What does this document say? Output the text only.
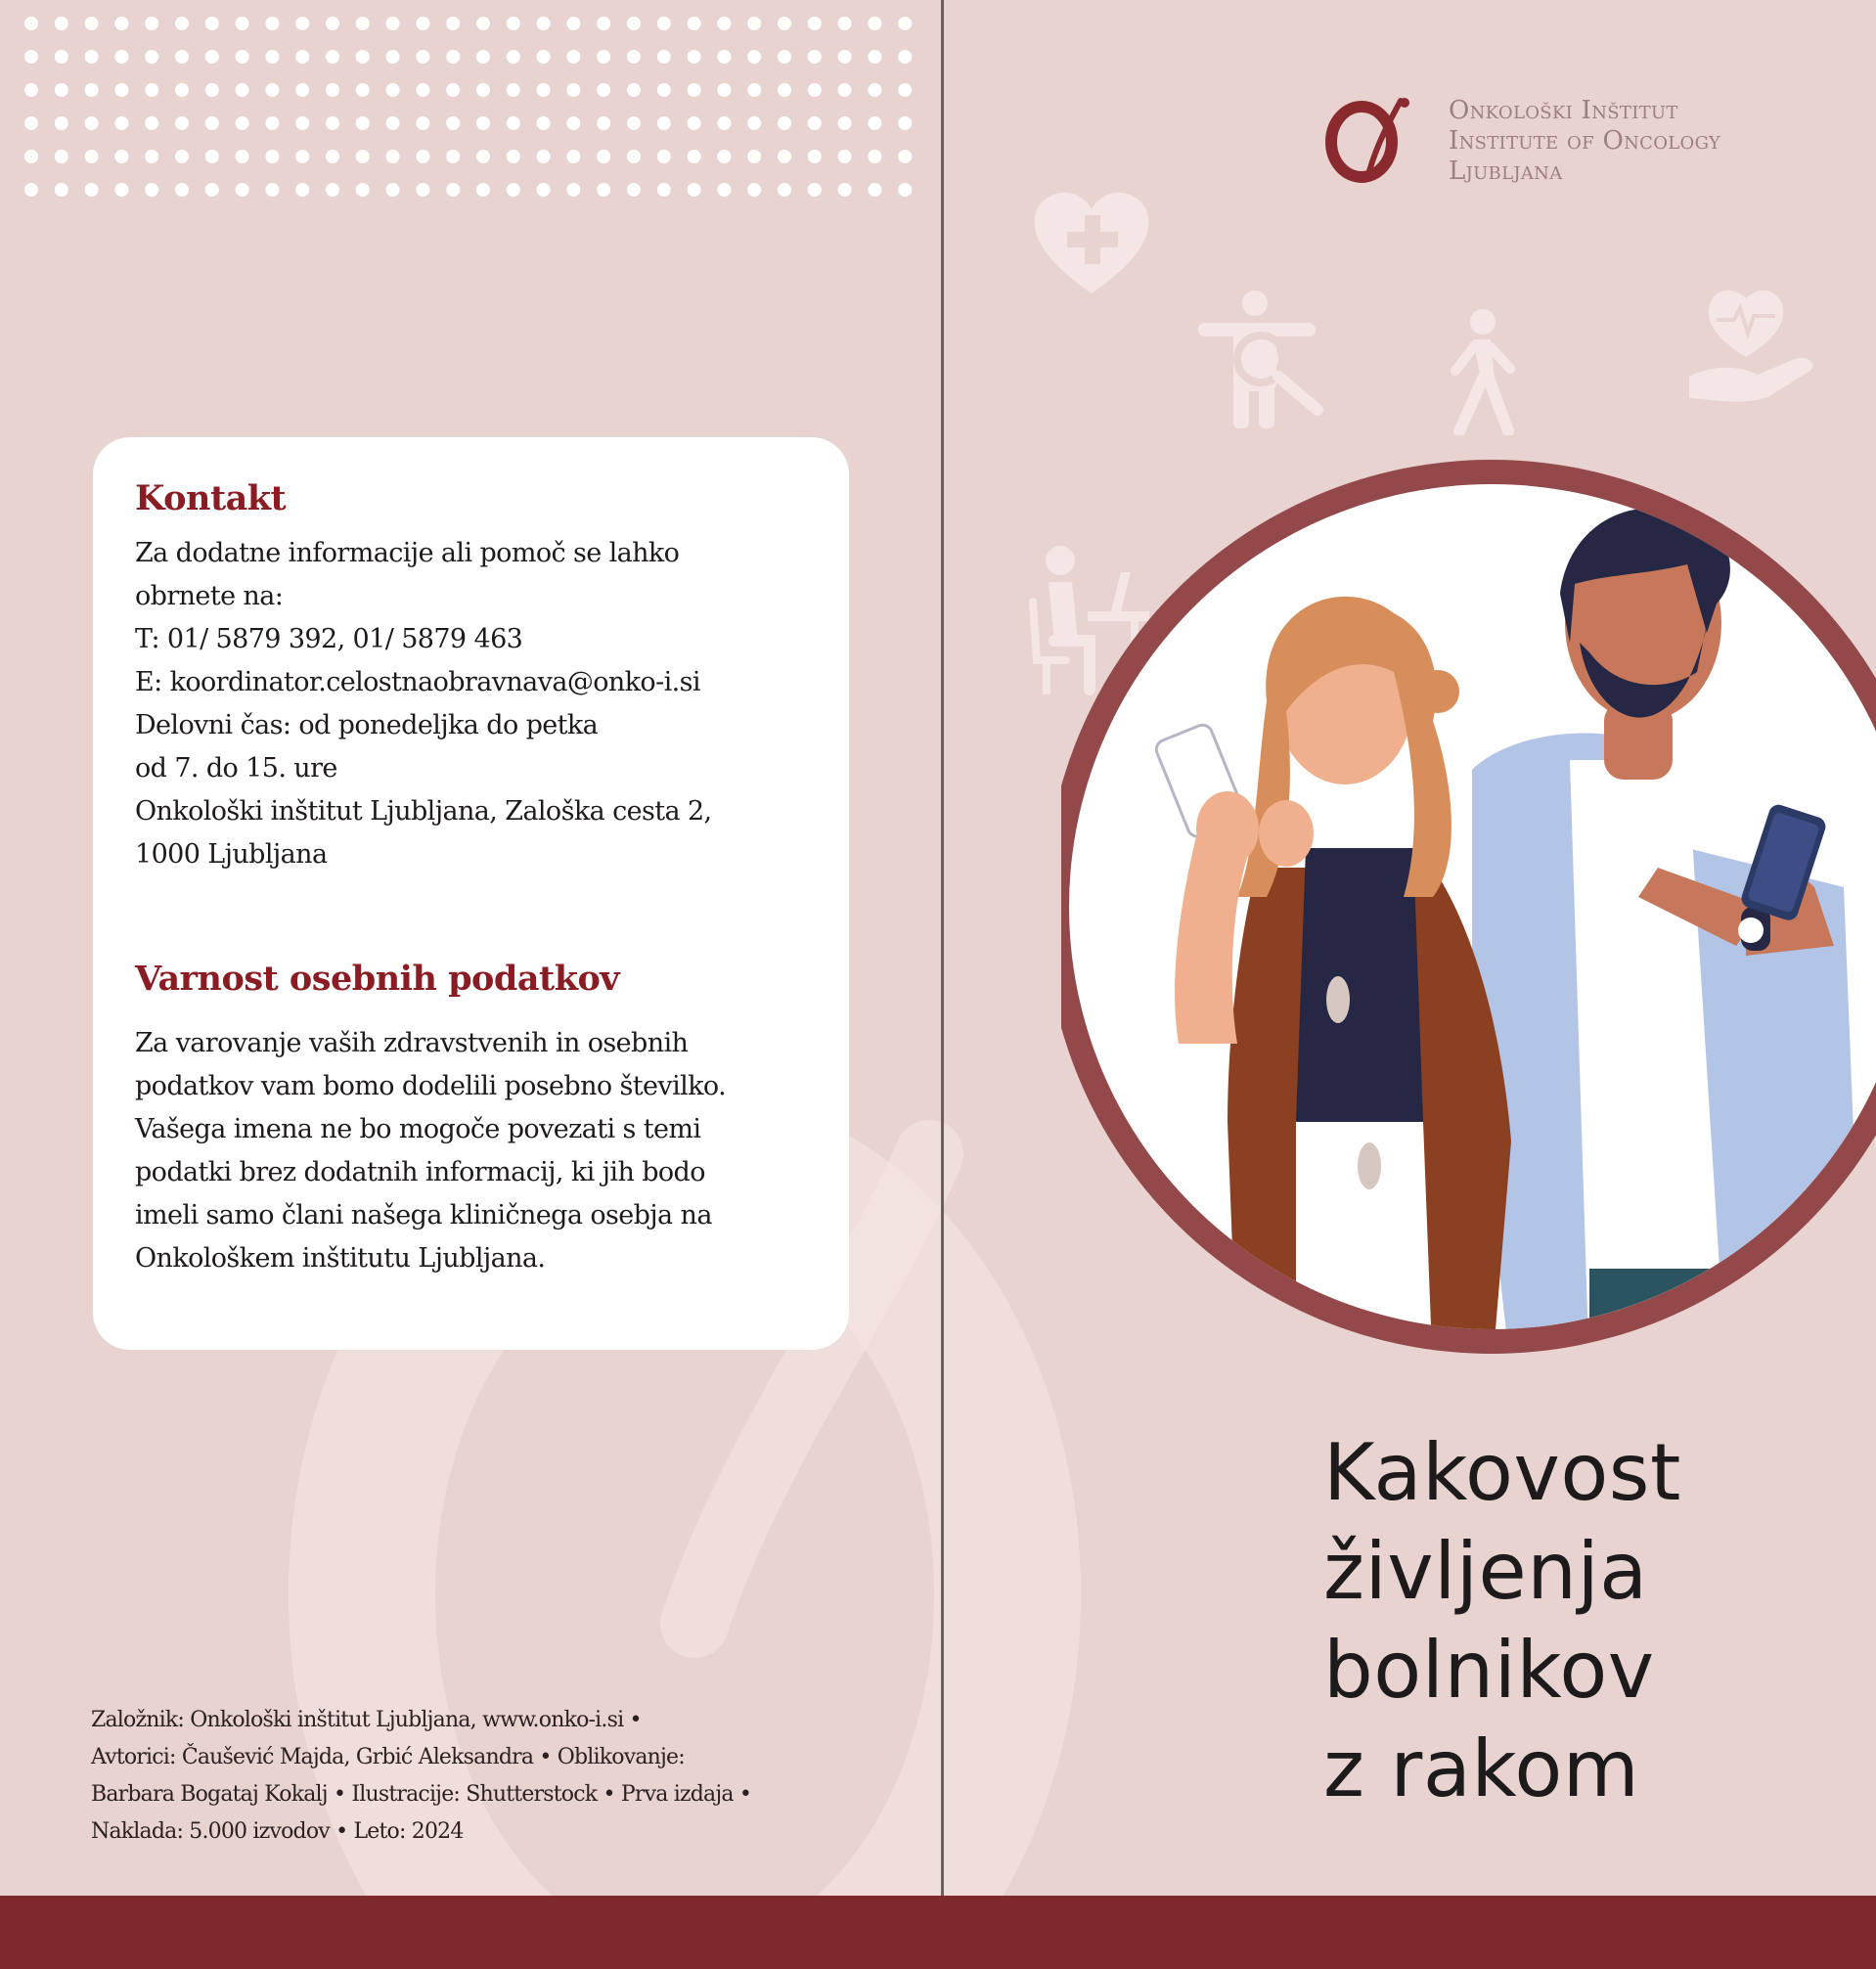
Kontakt

Za dodatne informacije ali pomoč se lahko
obrnete na:
T: 01/ 5879 392, 01/ 5879 463
E: koordinator.celostnaobravnava@onko-i.si
Delovni čas: od ponedeljka do petka
od 7. do 15. ure
Onkološki inštitut Ljubljana, Zaloška cesta 2,
1000 Ljubljana

Varnost osebnih podatkov

Za varovanje vaših zdravstvenih in osebnih
podatkov vam bomo dodelili posebno številko.
Vašega imena ne bo mogoče povezati s temi
podatki brez dodatnih informacij, ki jih bodo
imeli samo člani našega kliničnega osebja na
Onkološkem inštitutu Ljubljana.

Založnik: Onkološki inštitut Ljubljana, www.onko-i.si •
Avtorici: Čaušević Majda, Grbić Aleksandra • Oblikovanje:
Barbara Bogataj Kokalj • Ilustracije: Shutterstock • Prva izdaja •
Naklada: 5.000 izvodov • Leto: 2024
Onkološki Inštitut
Institute of Oncology
Ljubljana
Kakovost
življenja
bolnikov
z rakom
